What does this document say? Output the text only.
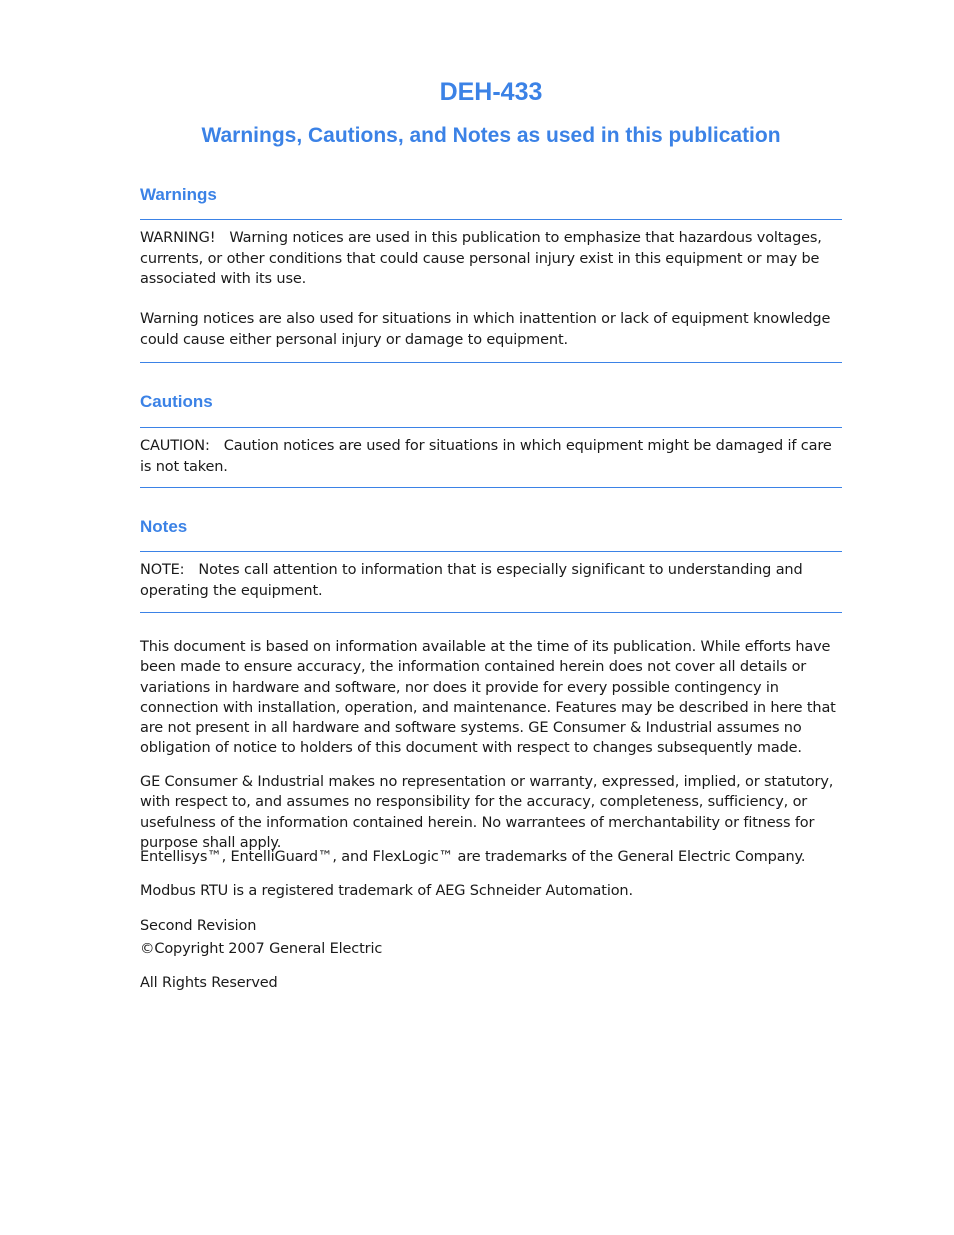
DEH-433
Warnings, Cautions, and Notes as used in this publication
Warnings

WARNING! Warning notices are used in this publication to emphasize that hazardous voltages, currents, or other conditions that could cause personal injury exist in this equipment or may be associated with its use.

Warning notices are also used for situations in which inattention or lack of equipment knowledge could cause either personal injury or damage to equipment.

Cautions

CAUTION: Caution notices are used for situations in which equipment might be damaged if care is not taken.

Notes

NOTE: Notes call attention to information that is especially significant to understanding and operating the equipment.

This document is based on information available at the time of its publication. While efforts have been made to ensure accuracy, the information contained herein does not cover all details or variations in hardware and software, nor does it provide for every possible contingency in connection with installation, operation, and maintenance. Features may be described in here that are not present in all hardware and software systems. GE Consumer & Industrial assumes no obligation of notice to holders of this document with respect to changes subsequently made.

GE Consumer & Industrial makes no representation or warranty, expressed, implied, or statutory, with respect to, and assumes no responsibility for the accuracy, completeness, sufficiency, or usefulness of the information contained herein. No warrantees of merchantability or fitness for purpose shall apply.

Entellisys™, EntelliGuard™, and FlexLogic™ are trademarks of the General Electric Company.

Modbus RTU is a registered trademark of AEG Schneider Automation.

Second Revision

©Copyright 2007 General Electric

All Rights Reserved
